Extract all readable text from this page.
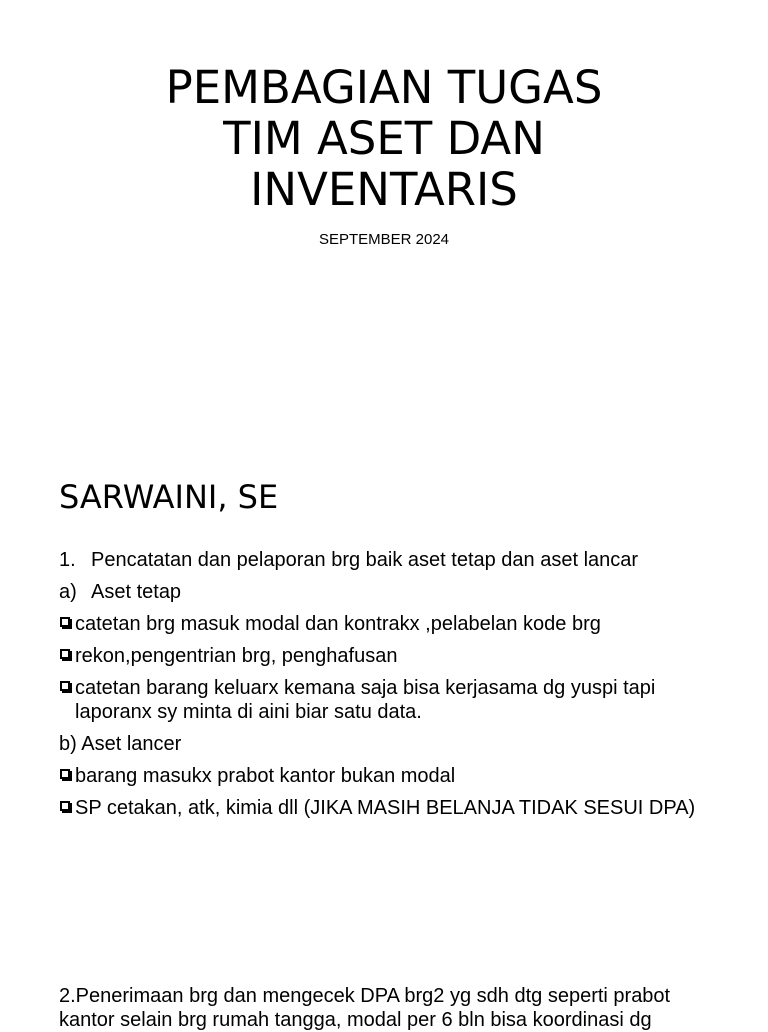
PEMBAGIAN TUGAS
TIM ASET DAN
INVENTARIS
SEPTEMBER 2024
SARWAINI, SE
1. Pencatatan dan pelaporan brg baik aset tetap dan aset lancar
a) Aset tetap
catetan brg masuk modal dan kontrakx ,pelabelan kode brg
rekon,pengentrian brg, penghafusan
catetan barang keluarx kemana saja bisa kerjasama dg yuspi tapi laporanx sy minta di aini biar satu data.
b) Aset lancer
barang masukx prabot kantor bukan modal
SP cetakan, atk, kimia dll (JIKA MASIH BELANJA TIDAK SESUI DPA)
2.Penerimaan brg dan mengecek DPA brg2 yg sdh dtg seperti prabot kantor selain brg rumah tangga, modal per 6 bln bisa koordinasi dg
